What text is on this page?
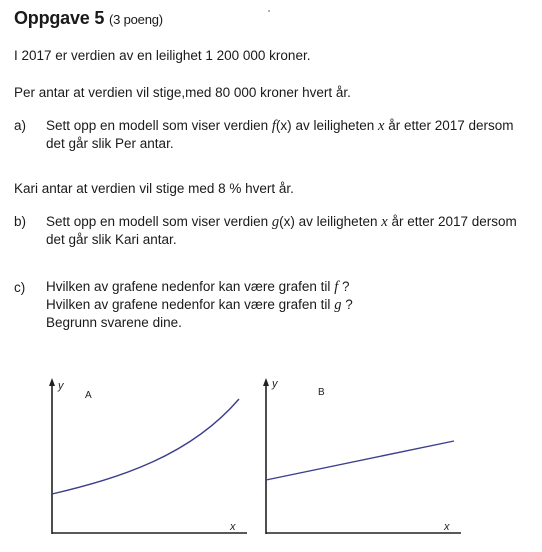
Oppgave 5 (3 poeng)
I 2017 er verdien av en leilighet 1 200 000 kroner.
Per antar at verdien vil stige,med 80 000 kroner hvert år.
a) Sett opp en modell som viser verdien f(x) av leiligheten x år etter 2017 dersom
det går slik Per antar.
Kari antar at verdien vil stige med 8 % hvert år.
b) Sett opp en modell som viser verdien g(x) av leiligheten x år etter 2017 dersom
det går slik Kari antar.
c) Hvilken av grafene nedenfor kan være grafen til f ?
Hvilken av grafene nedenfor kan være grafen til g ?
Begrunn svarene dine.
y
A
x
y
B
x
